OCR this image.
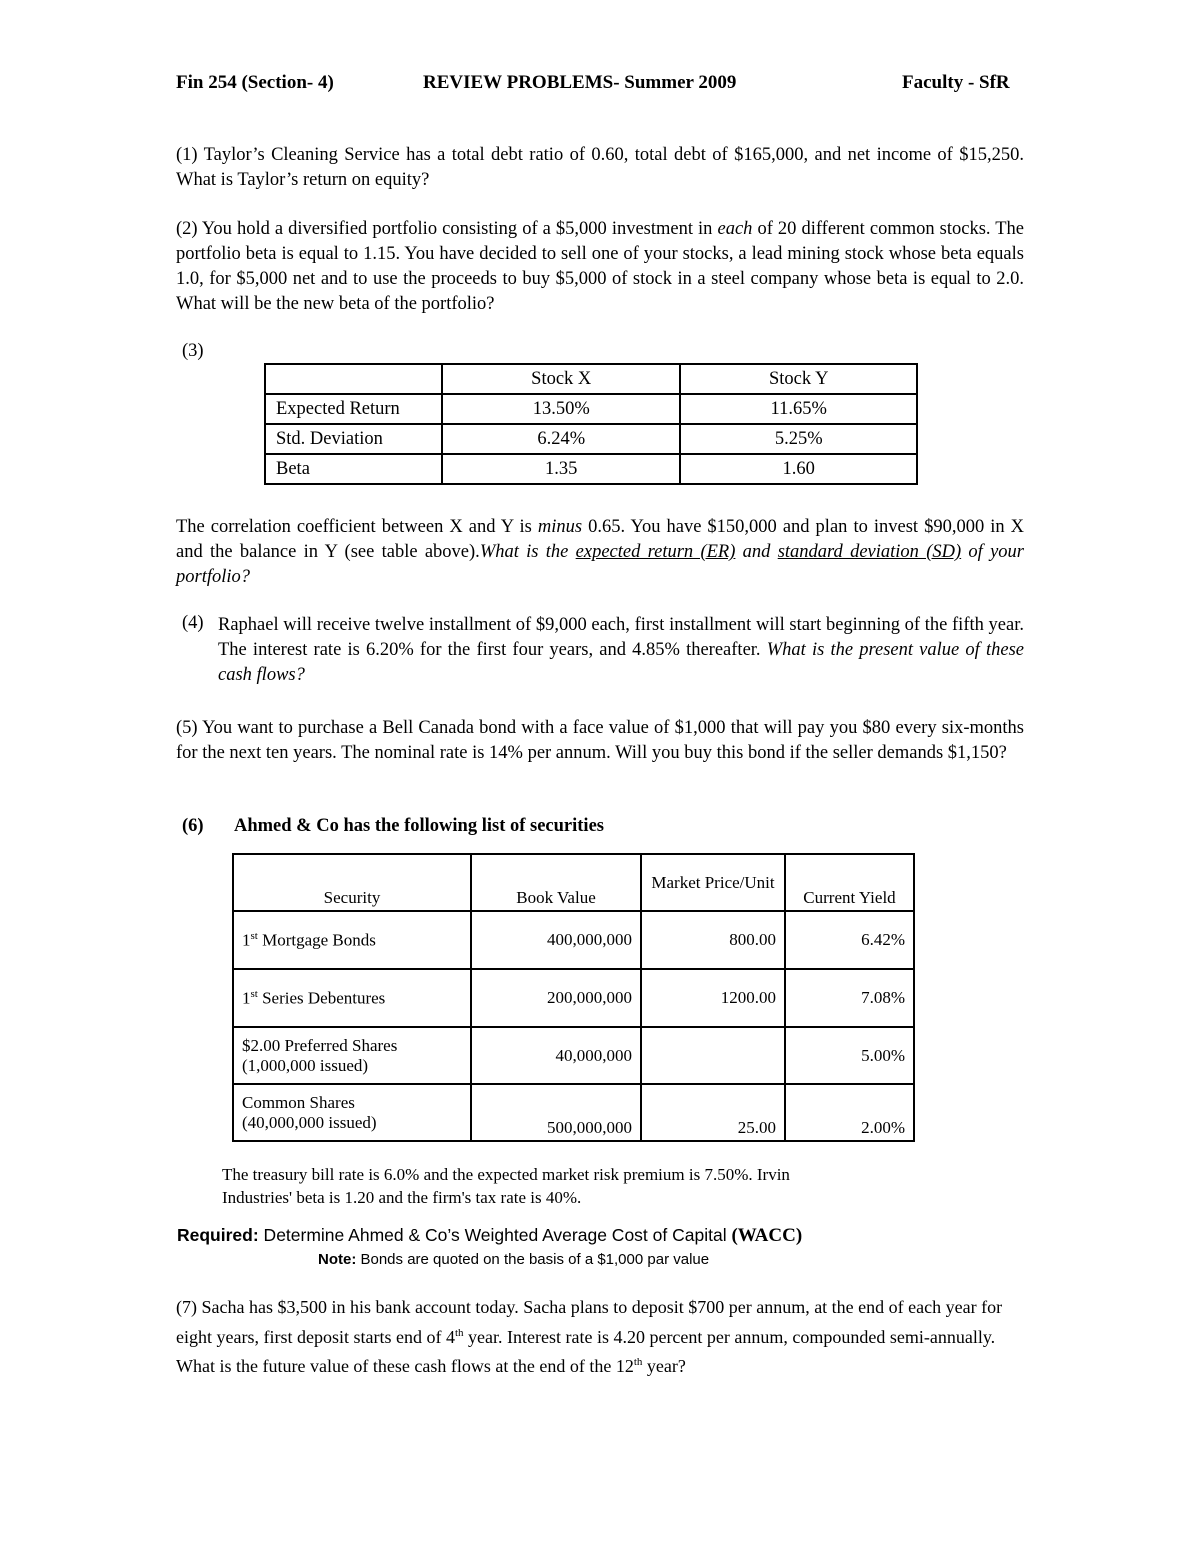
Fin 254 (Section- 4)	REVIEW PROBLEMS- Summer 2009	Faculty - SfR
(1) Taylor’s Cleaning Service has a total debt ratio of 0.60, total debt of $165,000, and net income of $15,250. What is Taylor’s return on equity?
(2) You hold a diversified portfolio consisting of a $5,000 investment in each of 20 different common stocks. The portfolio beta is equal to 1.15. You have decided to sell one of your stocks, a lead mining stock whose beta equals 1.0, for $5,000 net and to use the proceeds to buy $5,000 of stock in a steel company whose beta is equal to 2.0. What will be the new beta of the portfolio?
(3)
	Stock X	Stock Y
Expected Return	13.50%	11.65%
Std. Deviation	6.24%	5.25%
Beta	1.35	1.60
The correlation coefficient between X and Y is minus 0.65. You have $150,000 and plan to invest $90,000 in X and the balance in Y (see table above).What is the expected return (ER) and standard deviation (SD) of your portfolio?
(4) Raphael will receive twelve installment of $9,000 each, first installment will start beginning of the fifth year. The interest rate is 6.20% for the first four years, and 4.85% thereafter. What is the present value of these cash flows?
(5) You want to purchase a Bell Canada bond with a face value of $1,000 that will pay you $80 every six-months for the next ten years. The nominal rate is 14% per annum. Will you buy this bond if the seller demands $1,150?
(6) Ahmed & Co has the following list of securities
Security	Book Value	Market Price/Unit	Current Yield
1st Mortgage Bonds	400,000,000	800.00	6.42%
1st Series Debentures	200,000,000	1200.00	7.08%

$2.00 Preferred Shares
(1,000,000 issued)	40,000,000		5.00%

Common Shares
(40,000,000 issued)	500,000,000	25.00	2.00%
The treasury bill rate is 6.0% and the expected market risk premium is 7.50%. Irvin
Industries' beta is 1.20 and the firm's tax rate is 40%.
Required: Determine Ahmed & Co’s Weighted Average Cost of Capital (WACC)
Note: Bonds are quoted on the basis of a $1,000 par value
(7) Sacha has $3,500 in his bank account today. Sacha plans to deposit $700 per annum, at the end of each year for eight years, first deposit starts end of 4th year. Interest rate is 4.20 percent per annum, compounded semi-annually. What is the future value of these cash flows at the end of the 12th year?
